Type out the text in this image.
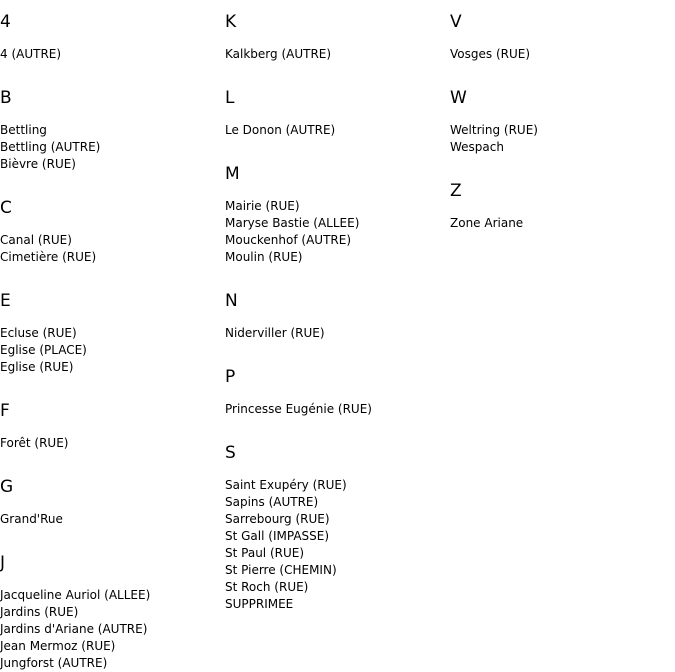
4
4 (AUTRE)
B
Bettling
Bettling (AUTRE)
Bièvre (RUE)
C
Canal (RUE)
Cimetière (RUE)
E
Ecluse (RUE)
Eglise (PLACE)
Eglise (RUE)
F
Forêt (RUE)
G
Grand'Rue
J
Jacqueline Auriol (ALLEE)
Jardins (RUE)
Jardins d'Ariane (AUTRE)
Jean Mermoz (RUE)
Jungforst (AUTRE)
K
Kalkberg (AUTRE)
L
Le Donon (AUTRE)
M
Mairie (RUE)
Maryse Bastie (ALLEE)
Mouckenhof (AUTRE)
Moulin (RUE)
N
Niderviller (RUE)
P
Princesse Eugénie (RUE)
S
Saint Exupéry (RUE)
Sapins (AUTRE)
Sarrebourg (RUE)
St Gall (IMPASSE)
St Paul (RUE)
St Pierre (CHEMIN)
St Roch (RUE)
SUPPRIMEE
V
Vosges (RUE)
W
Weltring (RUE)
Wespach
Z
Zone Ariane
